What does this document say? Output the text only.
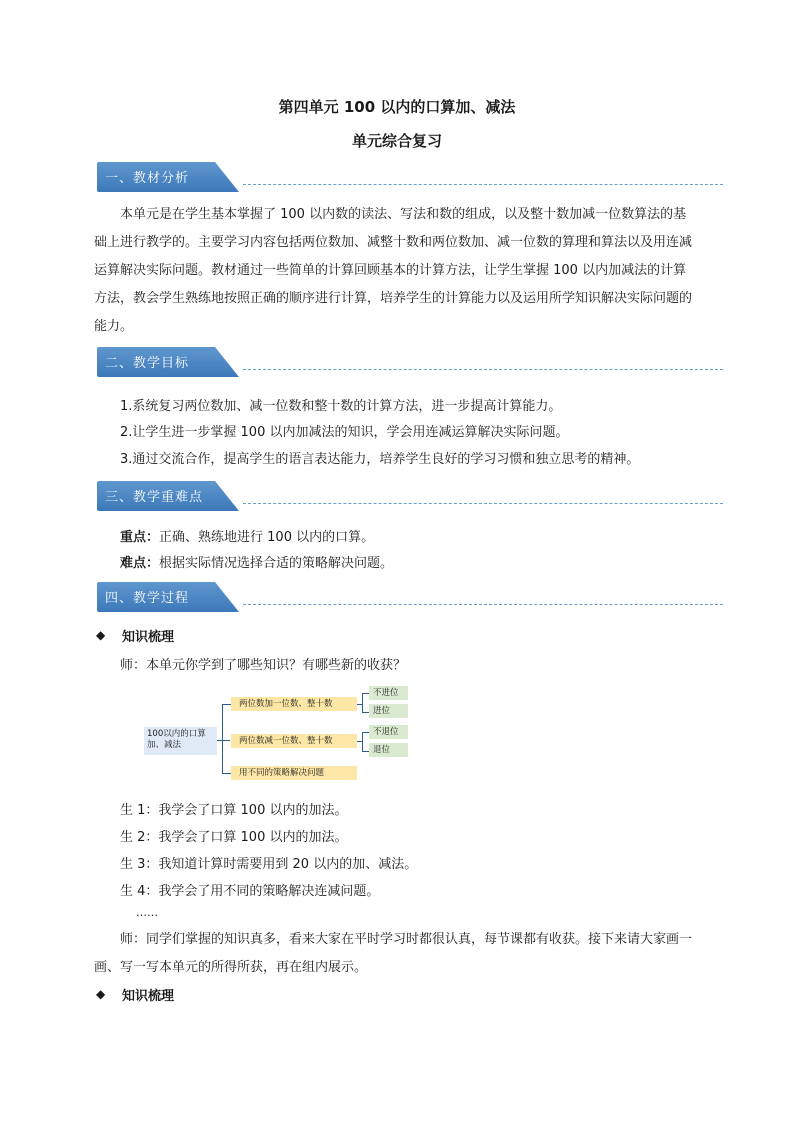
第四单元 100 以内的口算加、减法
单元综合复习
一、教材分析
本单元是在学生基本掌握了 100 以内数的读法、写法和数的组成，以及整十数加减一位数算法的基础上进行教学的。主要学习内容包括两位数加、减整十数和两位数加、减一位数的算理和算法以及用连减运算解决实际问题。教材通过一些简单的计算回顾基本的计算方法，让学生掌握 100 以内加减法的计算方法，教会学生熟练地按照正确的顺序进行计算，培养学生的计算能力以及运用所学知识解决实际问题的能力。
二、教学目标
1.系统复习两位数加、减一位数和整十数的计算方法，进一步提高计算能力。
2.让学生进一步掌握 100 以内加减法的知识，学会用连减运算解决实际问题。
3.通过交流合作，提高学生的语言表达能力，培养学生良好的学习习惯和独立思考的精神。
三、教学重难点
重点：正确、熟练地进行 100 以内的口算。
难点：根据实际情况选择合适的策略解决问题。
四、教学过程
◆ 知识梳理
师：本单元你学到了哪些知识？有哪些新的收获？
100以内的口算加、减法
两位数加一位数、整十数
两位数减一位数、整十数
用不同的策略解决问题
不进位
进位
不退位
退位
生 1：我学会了口算 100 以内的加法。
生 2：我学会了口算 100 以内的加法。
生 3：我知道计算时需要用到 20 以内的加、减法。
生 4：我学会了用不同的策略解决连减问题。
……
师：同学们掌握的知识真多，看来大家在平时学习时都很认真，每节课都有收获。接下来请大家画一画、写一写本单元的所得所获，再在组内展示。
◆ 知识梳理
